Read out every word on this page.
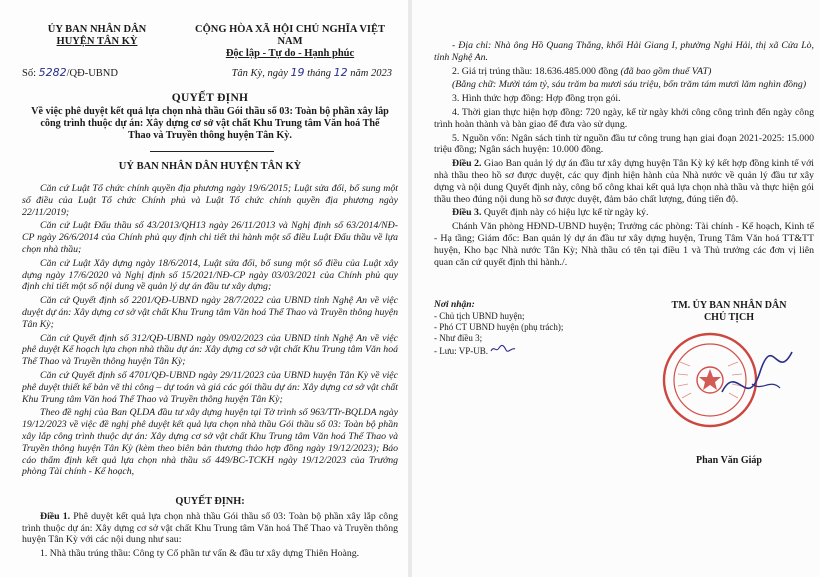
ỦY BAN NHÂN DÂN
HUYỆN TÂN KỲ
CỘNG HÒA XÃ HỘI CHỦ NGHĨA VIỆT NAM
Độc lập - Tự do - Hạnh phúc
Số: 5282/QĐ-UBND	Tân Kỳ, ngày 19 tháng 12 năm 2023
QUYẾT ĐỊNH
Về việc phê duyệt kết quả lựa chọn nhà thầu Gói thầu số 03: Toàn bộ phần xây lắp công trình thuộc dự án: Xây dựng cơ sở vật chất Khu Trung tâm Văn hoá Thể Thao và Truyền thông huyện Tân Kỳ.
UỶ BAN NHÂN DÂN HUYỆN TÂN KỲ

Căn cứ Luật Tổ chức chính quyền địa phương ngày 19/6/2015; Luật sửa đổi, bổ sung một số điều của Luật Tổ chức Chính phủ và Luật Tổ chức chính quyền địa phương ngày 22/11/2019;

Căn cứ Luật Đấu thầu số 43/2013/QH13 ngày 26/11/2013 và Nghị định số 63/2014/NĐ-CP ngày 26/6/2014 của Chính phủ quy định chi tiết thi hành một số điều Luật Đấu thầu về lựa chọn nhà thầu;

Căn cứ Luật Xây dựng ngày 18/6/2014, Luật sửa đổi, bổ sung một số điều của Luật xây dựng ngày 17/6/2020 và Nghị định số 15/2021/NĐ-CP ngày 03/03/2021 của Chính phủ quy định chi tiết một số nội dung về quản lý dự án đầu tư xây dựng;

Căn cứ Quyết định số 2201/QĐ-UBND ngày 28/7/2022 của UBND tỉnh Nghệ An về việc duyệt dự án: Xây dựng cơ sở vật chất Khu Trung tâm Văn hoá Thể Thao và Truyền thông huyện Tân Kỳ;

Căn cứ Quyết định số 312/QĐ-UBND ngày 09/02/2023 của UBND tỉnh Nghệ An về việc phê duyệt Kế hoạch lựa chọn nhà thầu dự án: Xây dựng cơ sở vật chất Khu Trung tâm Văn hoá Thể Thao và Truyền thông huyện Tân Kỳ;

Căn cứ Quyết định số 4701/QĐ-UBND ngày 29/11/2023 của UBND huyện Tân Kỳ về việc phê duyệt thiết kế bản vẽ thi công – dự toán và giá các gói thầu dự án: Xây dựng cơ sở vật chất Khu Trung tâm Văn hoá Thể Thao và Truyền thông huyện Tân Kỳ;

Theo đề nghị của Ban QLDA đầu tư xây dựng huyện tại Tờ trình số 963/TTr-BQLDA ngày 19/12/2023 về việc đề nghị phê duyệt kết quả lựa chọn nhà thầu Gói thầu số 03: Toàn bộ phần xây lắp công trình thuộc dự án: Xây dựng cơ sở vật chất Khu Trung tâm Văn hoá Thể Thao và Truyền thông huyện Tân Kỳ (kèm theo biên bản thương thảo hợp đồng ngày 19/12/2023); Báo cáo thẩm định kết quả lựa chọn nhà thầu số 449/BC-TCKH ngày 19/12/2023 của Trưởng phòng Tài chính - Kế hoạch,

QUYẾT ĐỊNH:

Điều 1. Phê duyệt kết quả lựa chọn nhà thầu Gói thầu số 03: Toàn bộ phần xây lắp công trình thuộc dự án: Xây dựng cơ sở vật chất Khu Trung tâm Văn hoá Thể Thao và Truyền thông huyện Tân Kỳ với các nội dung như sau:

1. Nhà thầu trúng thầu: Công ty Cổ phần tư vấn & đầu tư xây dựng Thiên Hoàng.

- Địa chỉ: Nhà ông Hồ Quang Thắng, khối Hải Giang I, phường Nghi Hải, thị xã Cửa Lò, tỉnh Nghệ An.

2. Giá trị trúng thầu: 18.636.485.000 đồng (đã bao gồm thuế VAT)

(Bằng chữ: Mười tám tỷ, sáu trăm ba mươi sáu triệu, bốn trăm tám mươi lăm nghìn đồng)

3. Hình thức hợp đồng: Hợp đồng trọn gói.

4. Thời gian thực hiện hợp đồng: 720 ngày, kể từ ngày khởi công công trình đến ngày công trình hoàn thành và bàn giao để đưa vào sử dụng.

5. Nguồn vốn: Ngân sách tỉnh từ nguồn đầu tư công trung hạn giai đoạn 2021-2025: 15.000 triệu đồng; Ngân sách huyện: 10.000 đồng.

Điều 2. Giao Ban quản lý dự án đầu tư xây dựng huyện Tân Kỳ ký kết hợp đồng kinh tế với nhà thầu theo hồ sơ được duyệt, các quy định hiện hành của Nhà nước về quản lý đầu tư xây dựng và nội dung Quyết định này, công bố công khai kết quả lựa chọn nhà thầu và thực hiện gói thầu theo đúng nội dung hồ sơ được duyệt, đảm bảo chất lượng, đúng tiến độ.

Điều 3. Quyết định này có hiệu lực kể từ ngày ký.

Chánh Văn phòng HĐND-UBND huyện; Trưởng các phòng: Tài chính - Kế hoạch, Kinh tế - Hạ tầng; Giám đốc: Ban quản lý dự án đầu tư xây dựng huyện, Trung Tâm Văn hoá TT&TT huyện, Kho bạc Nhà nước Tân Kỳ; Nhà thầu có tên tại điều 1 và Thủ trưởng các đơn vị liên quan căn cứ quyết định thi hành./.

Nơi nhận:
- Chủ tịch UBND huyện;
- Phó CT UBND huyện (phụ trách);
- Như điều 3;
- Lưu: VP-UB.
TM. ỦY BAN NHÂN DÂN
CHỦ TỊCH
Phan Văn Giáp
